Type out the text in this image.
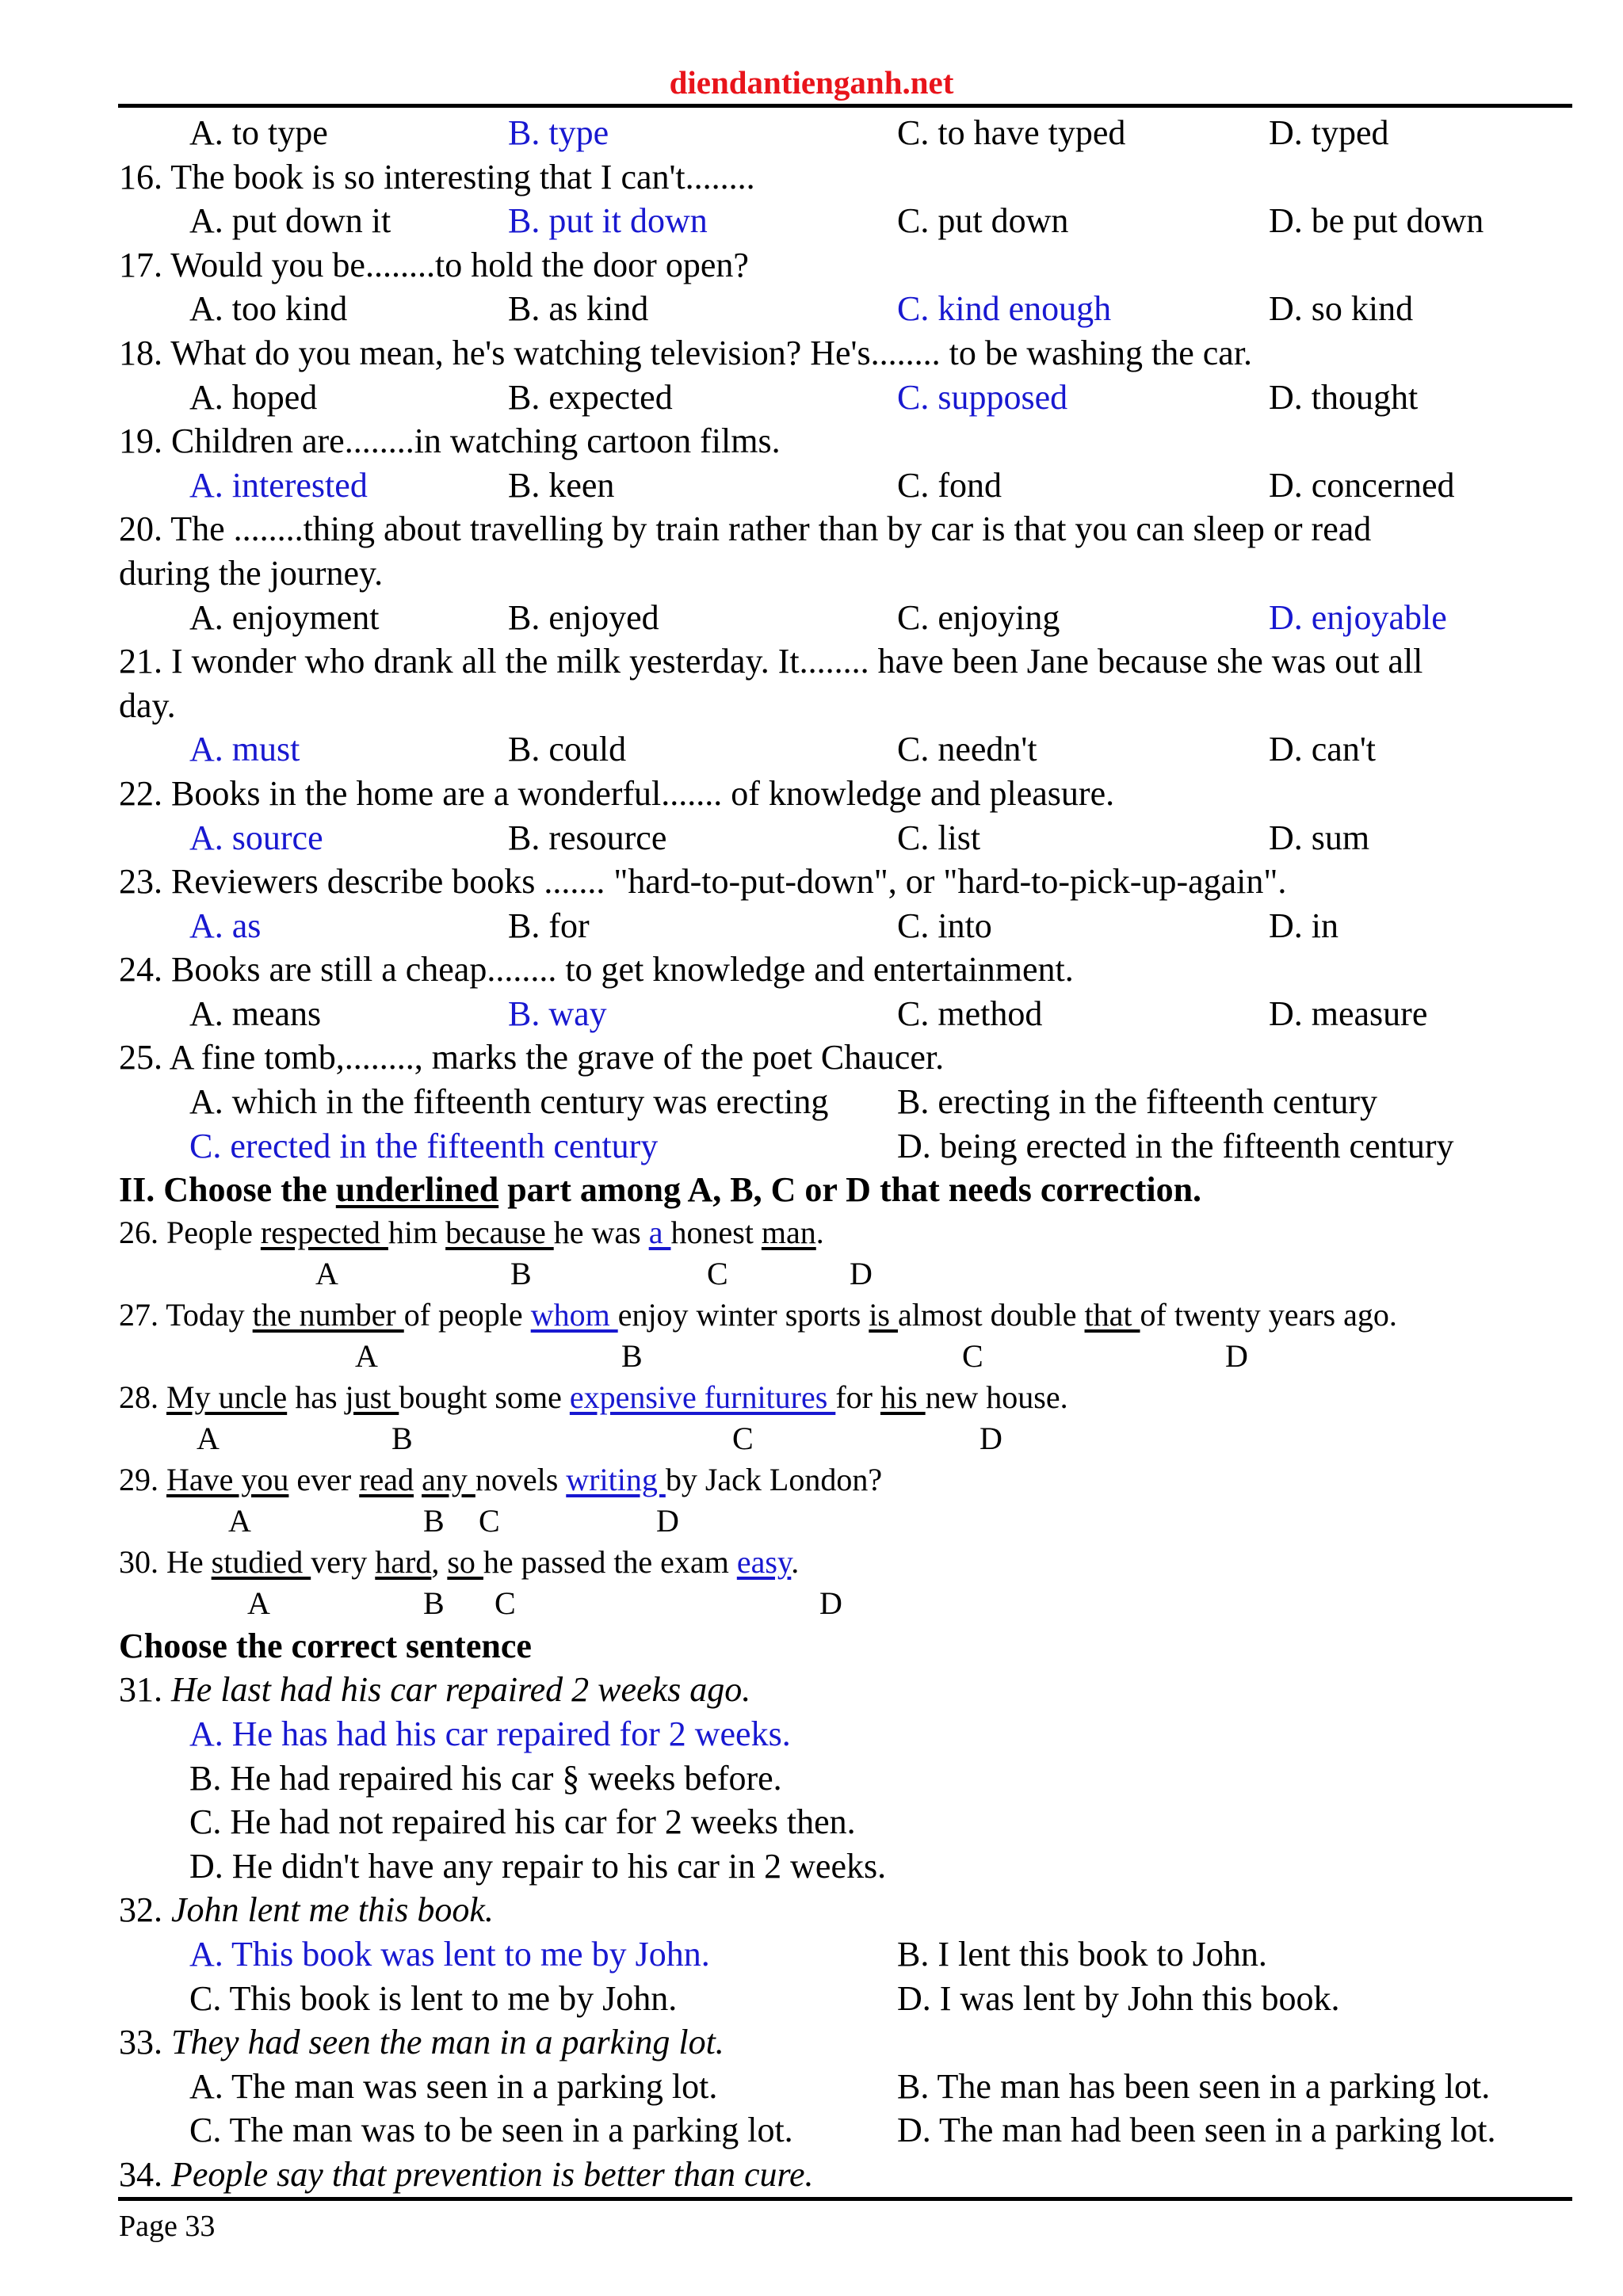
diendantienganh.net
A. to type	B. type	C. to have typed	D. typed
16. The book is so interesting that I can't........
A. put down it	B. put it down	C. put down	D. be put down
17. Would you be........to hold the door open?
A. too kind	B. as kind	C. kind enough	D. so kind
18. What do you mean, he's watching television? He's........ to be washing the car.
A. hoped	B. expected	C. supposed	D. thought
19. Children are........in watching cartoon films.
A. interested	B. keen	C. fond	D. concerned
20. The ........thing about travelling by train rather than by car is that you can sleep or read
during the journey.
A. enjoyment	B. enjoyed	C. enjoying	D. enjoyable
21. I wonder who drank all the milk yesterday. It........ have been Jane because she was out all
day.
A. must	B. could	C. needn't	D. can't
22. Books in the home are a wonderful....... of knowledge and pleasure.
A. source	B. resource	C. list	D. sum
23. Reviewers describe books ....... "hard-to-put-down", or "hard-to-pick-up-again".
A. as	B. for	C. into	D. in
24. Books are still a cheap........ to get knowledge and entertainment.
A. means	B. way	C. method	D. measure
25. A fine tomb,........, marks the grave of the poet Chaucer.
A. which in the fifteenth century was erecting B. erecting in the fifteenth century
C. erected in the fifteenth century	D. being erected in the fifteenth century
II. Choose the underlined part among A, B, C or D that needs correction.
26. People respected him because he was a honest man.
A	B	C	D
27. Today the number of people whom enjoy winter sports is almost double that of twenty years ago.
A	B	C	D
28. My uncle has just bought some expensive furnitures for his new house.
A	B	C	D
29. Have you ever read any novels writing by Jack London?
A	B C	D
30. He studied very hard, so he passed the exam easy.
A	B C	D
Choose the correct sentence
31. He last had his car repaired 2 weeks ago.
A. He has had his car repaired for 2 weeks.
B. He had repaired his car § weeks before.
C. He had not repaired his car for 2 weeks then.
D. He didn't have any repair to his car in 2 weeks.
32. John lent me this book.
A. This book was lent to me by John.	B. I lent this book to John.
C. This book is lent to me by John.	D. I was lent by John this book.
33. They had seen the man in a parking lot.
A. The man was seen in a parking lot.	B. The man has been seen in a parking lot.
C. The man was to be seen in a parking lot.	D. The man had been seen in a parking lot.
34. People say that prevention is better than cure.
Page 33
